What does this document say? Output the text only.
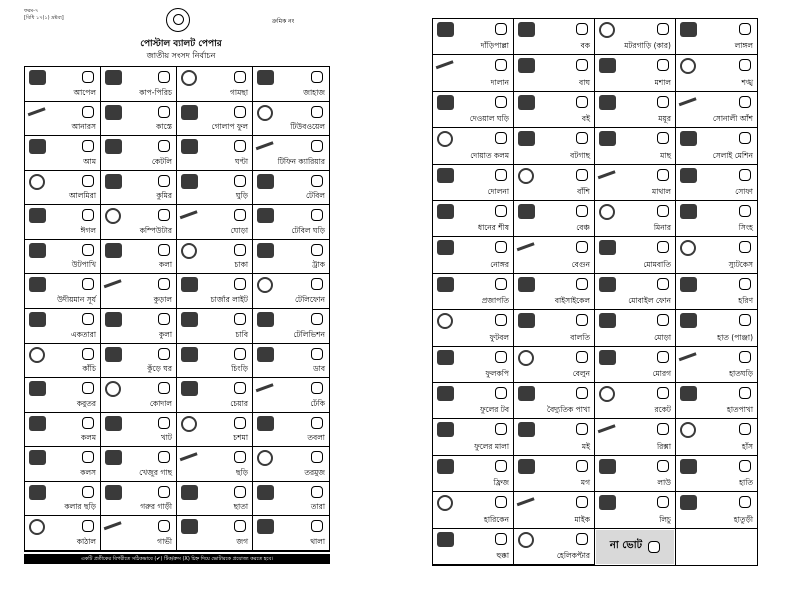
ফরম-৭
[বিধি ১৭(১) দ্রষ্টব্য]	ক্রমিক নং
পোস্টাল ব্যালট পেপার
জাতীয় সংসদ নির্বাচন
আপেল	কাপ-পিরিচ	গামছা	জাহাজ
আনারস	কাস্তে	গোলাপ ফুল	টিউবওয়েল
আম	কেটলি	ঘণ্টা	টিফিন ক্যারিয়ার
আলমিরা	কুমির	ঘুড়ি	টেবিল
ঈগল	কম্পিউটার	ঘোড়া	টেবিল ঘড়ি
উটপাখি	কলা	চাকা	ট্রাক
উদীয়মান সূর্য	কুড়াল	চার্জার লাইট	টেলিফোন
একতারা	কুলা	চাবি	টেলিভিশন
কাঁচি	কুঁড়ে ঘর	চিংড়ি	ডাব
কবুতর	কোদাল	চেয়ার	ঢেঁকি
কলম	খাট	চশমা	তবলা
কলস	খেজুর গাছ	ছড়ি	তরমুজ
কলার ছড়ি	গরুর গাড়ী	ছাতা	তারা
কাঠাল	গাভী	জগ	থালা
একটি প্রতীকের বিপরীতে সঠিকভাবে (✔) টিক/ক্রস (X) চিহ্ন দিয়ে ভোটারকে প্রযোজ্য করতে হবে।
দাঁড়িপাল্লা	বক	মটরগাড়ি (কার)	লাঙ্গল
দালান	বাঘ	মশাল	শঙ্খ
দেওয়াল ঘড়ি	বই	ময়ূর	সোনালী আঁশ
দোয়াত কলম	বটগাছ	মাছ	সেলাই মেশিন
দোলনা	বাঁশি	মাথাল	সোফা
ধানের শীষ	বেঞ্চ	মিনার	সিংহ
নোঙ্গর	বেগুন	মোমবাতি	স্যুটকেস
প্রজাপতি	বাইসাইকেল	মোবাইল ফোন	হরিণ
ফুটবল	বালতি	মোড়া	হাত (পাঞ্জা)
ফুলকপি	বেলুন	মোরগ	হাতঘড়ি
ফুলের টব	বৈদ্যুতিক পাখা	রকেট	হাতপাখা
ফুলের মালা	মই	রিক্সা	হাঁস
ফ্রিজ	মগ	লাউ	হাতি
হারিকেন	মাইক	লিচু	হাতুড়ী
হুক্কা	হেলিকপ্টার
না ভোট
